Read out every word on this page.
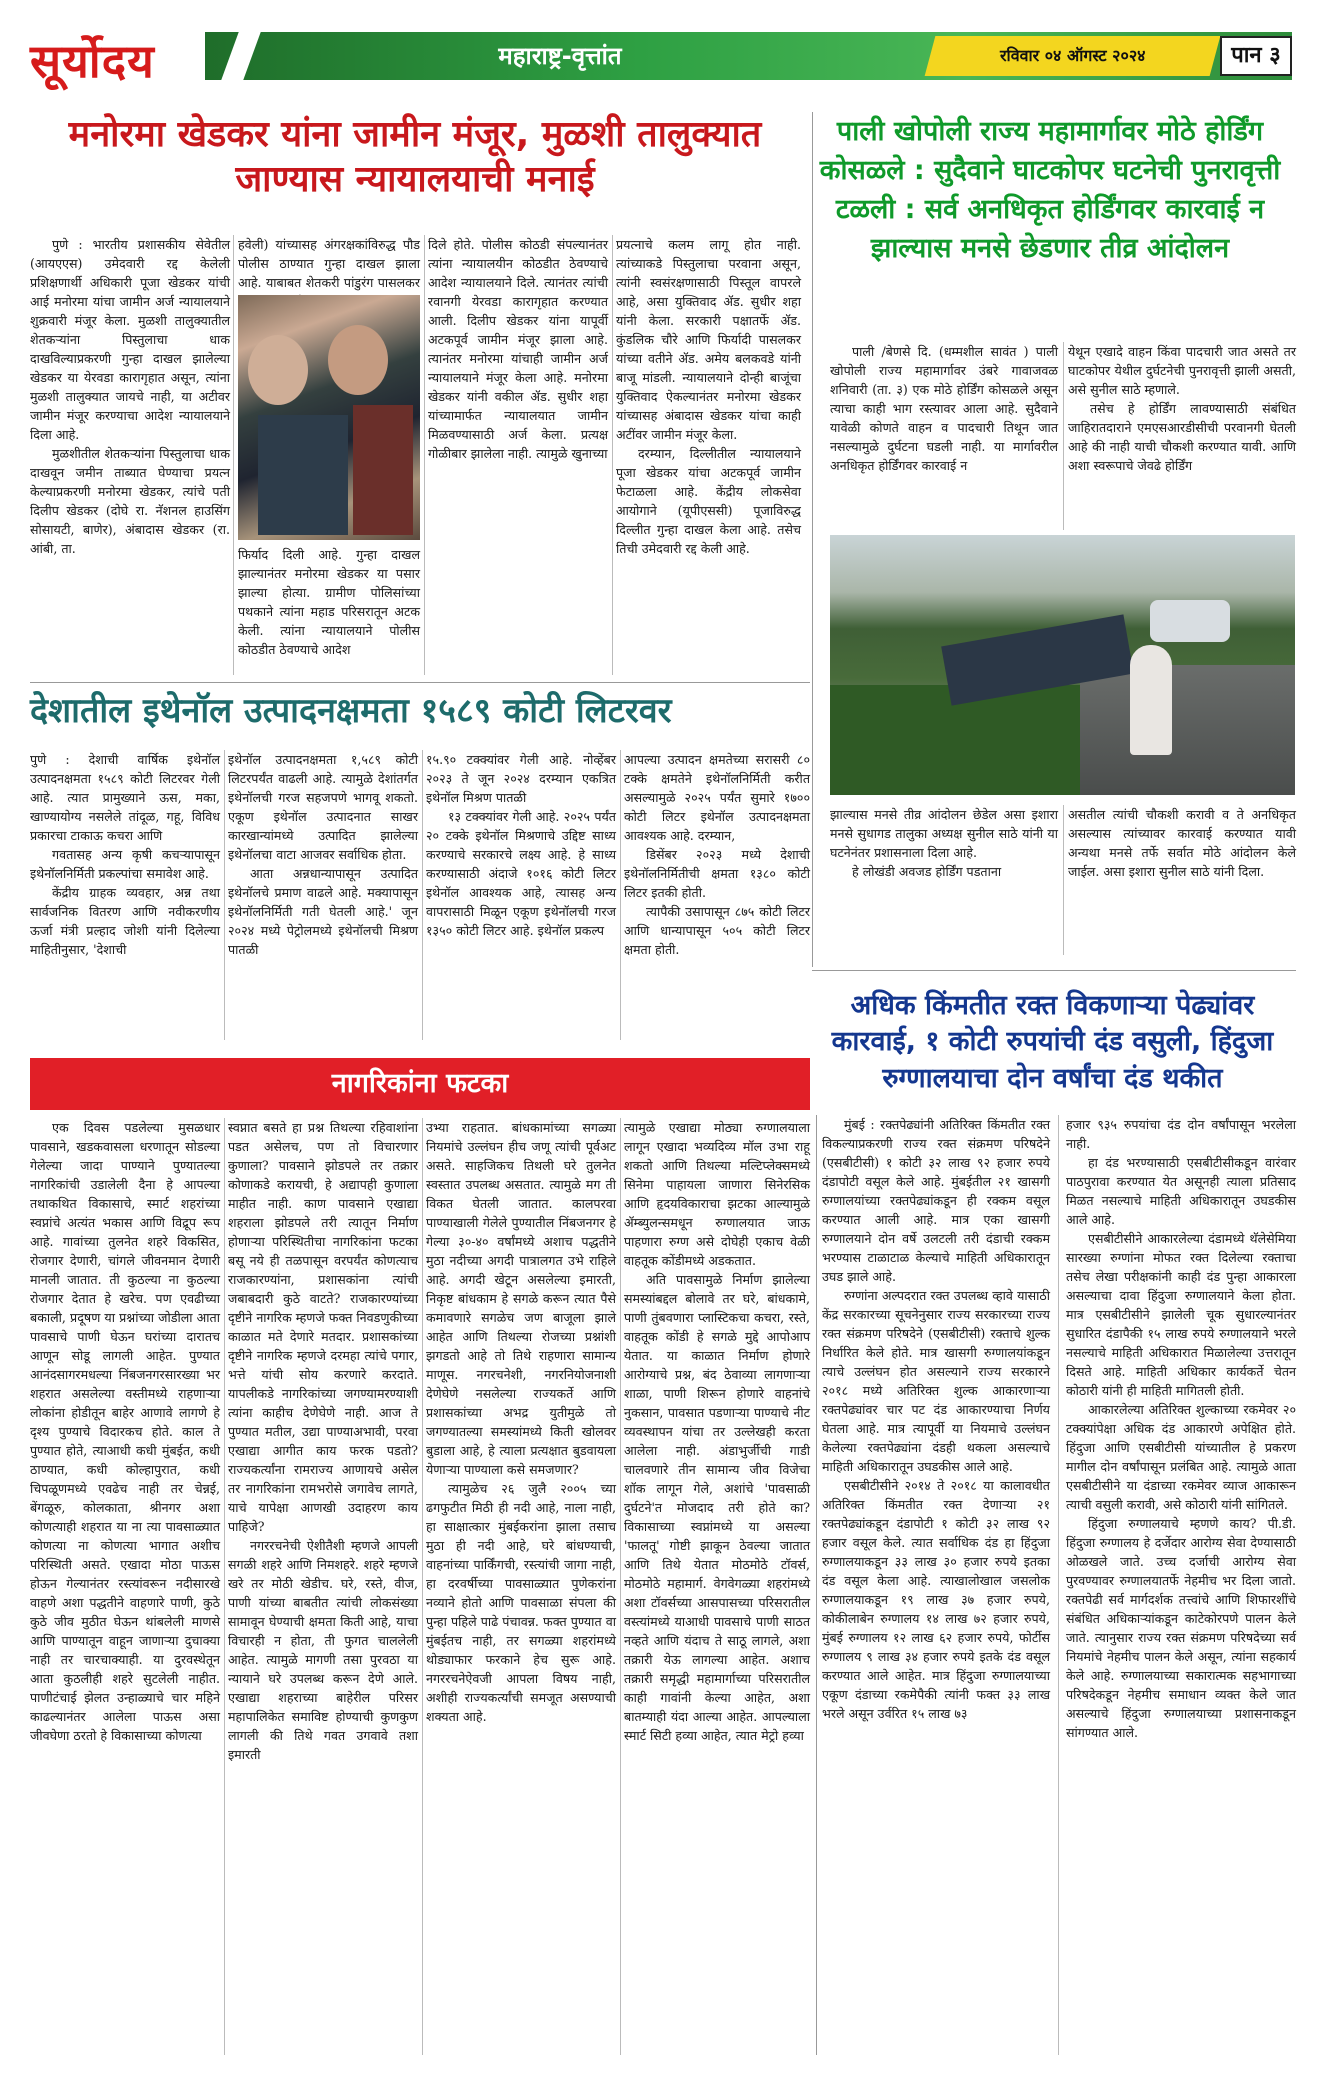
सूर्योदय	महाराष्ट्र-वृत्तांत	रविवार ०४ ऑगस्ट २०२४	पान ३
मनोरमा खेडकर यांना जामीन मंजूर, मुळशी तालुक्यात जाण्यास न्यायालयाची मनाई

पुणे : भारतीय प्रशासकीय सेवेतील (आयएएस) उमेदवारी रद्द केलेली प्रशिक्षणार्थी अधिकारी पूजा खेडकर यांची आई मनोरमा यांचा जामीन अर्ज न्यायालयाने शुक्रवारी मंजूर केला. मुळशी तालुक्यातील शेतकऱ्यांना पिस्तुलाचा धाक दाखविल्याप्रकरणी गुन्हा दाखल झालेल्या खेडकर या येरवडा कारागृहात असून, त्यांना मुळशी तालुक्यात जायचे नाही, या अटीवर जामीन मंजूर करण्याचा आदेश न्यायालयाने दिला आहे.

मुळशीतील शेतकऱ्यांना पिस्तुलाचा धाक दाखवून जमीन ताब्यात घेण्याचा प्रयत्न केल्याप्रकरणी मनोरमा खेडकर, त्यांचे पती दिलीप खेडकर (दोघे रा. नॅशनल हाउसिंग सोसायटी, बाणेर), अंबादास खेडकर (रा. आंबी, ता.

हवेली) यांच्यासह अंगरक्षकांविरुद्ध पौड पोलीस ठाण्यात गुन्हा दाखल झाला आहे. याबाबत शेतकरी पांडुरंग पासलकर

फिर्याद दिली आहे. गुन्हा दाखल झाल्यानंतर मनोरमा खेडकर या पसार झाल्या होत्या. ग्रामीण पोलिसांच्या पथकाने त्यांना महाड परिसरातून अटक केली. त्यांना न्यायालयाने पोलीस कोठडीत ठेवण्याचे आदेश

दिले होते. पोलीस कोठडी संपल्यानंतर त्यांना न्यायालयीन कोठडीत ठेवण्याचे आदेश न्यायालयाने दिले. त्यानंतर त्यांची रवानगी येरवडा कारागृहात करण्यात आली. दिलीप खेडकर यांना यापूर्वी अटकपूर्व जामीन मंजूर झाला आहे. त्यानंतर मनोरमा यांचाही जामीन अर्ज न्यायालयाने मंजूर केला आहे. मनोरमा खेडकर यांनी वकील ॲड. सुधीर शहा यांच्यामार्फत न्यायालयात जामीन मिळवण्यासाठी अर्ज केला. प्रत्यक्ष गोळीबार झालेला नाही. त्यामुळे खुनाच्या

प्रयत्नाचे कलम लागू होत नाही. त्यांच्याकडे पिस्तुलाचा परवाना असून, त्यांनी स्वसंरक्षणासाठी पिस्तूल वापरले आहे, असा युक्तिवाद ॲड. सुधीर शहा यांनी केला. सरकारी पक्षातर्फे ॲड. कुंडलिक चौरे आणि फिर्यादी पासलकर यांच्या वतीने ॲड. अमेय बलकवडे यांनी बाजू मांडली. न्यायालयाने दोन्ही बाजूंचा युक्तिवाद ऐकल्यानंतर मनोरमा खेडकर यांच्यासह अंबादास खेडकर यांचा काही अटींवर जामीन मंजूर केला.

दरम्यान, दिल्लीतील न्यायालयाने पूजा खेडकर यांचा अटकपूर्व जामीन फेटाळला आहे. केंद्रीय लोकसेवा आयोगाने (यूपीएससी) पूजाविरुद्ध दिल्लीत गुन्हा दाखल केला आहे. तसेच तिची उमेदवारी रद्द केली आहे.

पाली खोपोली राज्य महामार्गावर मोठे होर्डिंग कोसळले : सुदैवाने घाटकोपर घटनेची पुनरावृत्ती टळली : सर्व अनधिकृत होर्डिंगवर कारवाई न झाल्यास मनसे छेडणार तीव्र आंदोलन

पाली /बेणसे दि. (धम्मशील सावंत ) पाली खोपोली राज्य महामार्गावर उंबरे गावाजवळ शनिवारी (ता. ३) एक मोठे होर्डिंग कोसळले असून त्याचा काही भाग रस्त्यावर आला आहे. सुदैवाने यावेळी कोणते वाहन व पादचारी तिथून जात नसल्यामुळे दुर्घटना घडली नाही. या मार्गावरील अनधिकृत होर्डिंगवर कारवाई न

येथून एखादे वाहन किंवा पादचारी जात असते तर घाटकोपर येथील दुर्घटनेची पुनरावृत्ती झाली असती, असे सुनील साठे म्हणाले.

तसेच हे होर्डिंग लावण्यासाठी संबंधित जाहिरातदाराने एमएसआरडीसीची परवानगी घेतली आहे की नाही याची चौकशी करण्यात यावी. आणि अशा स्वरूपाचे जेवढे होर्डिंग

झाल्यास मनसे तीव्र आंदोलन छेडेल असा इशारा मनसे सुधागड तालुका अध्यक्ष सुनील साठे यांनी या घटनेनंतर प्रशासनाला दिला आहे.

हे लोखंडी अवजड होर्डिंग पडताना

असतील त्यांची चौकशी करावी व ते अनधिकृत असल्यास त्यांच्यावर कारवाई करण्यात यावी अन्यथा मनसे तर्फे सर्वात मोठे आंदोलन केले जाईल. असा इशारा सुनील साठे यांनी दिला.

देशातील इथेनॉल उत्पादनक्षमता १५८९ कोटी लिटरवर

पुणे : देशाची वार्षिक इथेनॉल उत्पादनक्षमता १५८९ कोटी लिटरवर गेली आहे. त्यात प्रामुख्याने ऊस, मका, खाण्यायोग्य नसलेले तांदूळ, गहू, विविध प्रकारचा टाकाऊ कचरा आणि

गवतासह अन्य कृषी कचऱ्यापासून इथेनॉलनिर्मिती प्रकल्पांचा समावेश आहे.

केंद्रीय ग्राहक व्यवहार, अन्न तथा सार्वजनिक वितरण आणि नवीकरणीय ऊर्जा मंत्री प्रल्हाद जोशी यांनी दिलेल्या माहितीनुसार, 'देशाची

इथेनॉल उत्पादनक्षमता १,५८९ कोटी लिटरपर्यंत वाढली आहे. त्यामुळे देशांतर्गत इथेनॉलची गरज सहजपणे भागवू शकतो. एकूण इथेनॉल उत्पादनात साखर कारखान्यांमध्ये उत्पादित झालेल्या इथेनॉलचा वाटा आजवर सर्वाधिक होता.

आता अन्नधान्यापासून उत्पादित इथेनॉलचे प्रमाण वाढले आहे. मक्यापासून इथेनॉलनिर्मिती गती घेतली आहे.' जून २०२४ मध्ये पेट्रोलमध्ये इथेनॉलची मिश्रण पातळी

१५.९० टक्क्यांवर गेली आहे. नोव्हेंबर २०२३ ते जून २०२४ दरम्यान एकत्रित इथेनॉल मिश्रण पातळी

१३ टक्क्यांवर गेली आहे. २०२५ पर्यंत २० टक्के इथेनॉल मिश्रणाचे उद्दिष्ट साध्य करण्याचे सरकारचे लक्ष्य आहे. हे साध्य करण्यासाठी अंदाजे १०१६ कोटी लिटर इथेनॉल आवश्यक आहे, त्यासह अन्य वापरासाठी मिळून एकूण इथेनॉलची गरज १३५० कोटी लिटर आहे. इथेनॉल प्रकल्प

आपल्या उत्पादन क्षमतेच्या सरासरी ८० टक्के क्षमतेने इथेनॉलनिर्मिती करीत असल्यामुळे २०२५ पर्यंत सुमारे १७०० कोटी लिटर इथेनॉल उत्पादनक्षमता आवश्यक आहे. दरम्यान,

डिसेंबर २०२३ मध्ये देशाची इथेनॉलनिर्मितीची क्षमता १३८० कोटी लिटर इतकी होती.

त्यापैकी उसापासून ८७५ कोटी लिटर आणि धान्यापासून ५०५ कोटी लिटर क्षमता होती.

अधिक किंमतीत रक्त विकणाऱ्या पेढ्यांवर कारवाई, १ कोटी रुपयांची दंड वसुली, हिंदुजा रुग्णालयाचा दोन वर्षांचा दंड थकीत

मुंबई : रक्तपेढ्यांनी अतिरिक्त किंमतीत रक्त विकल्याप्रकरणी राज्य रक्त संक्रमण परिषदेने (एसबीटीसी) १ कोटी ३२ लाख ९२ हजार रुपये दंडापोटी वसूल केले आहे. मुंबईतील २१ खासगी रुग्णालयांच्या रक्तपेढ्यांकडून ही रक्कम वसूल करण्यात आली आहे. मात्र एका खासगी रुग्णालयाने दोन वर्षे उलटली तरी दंडाची रक्कम भरण्यास टाळाटाळ केल्याचे माहिती अधिकारातून उघड झाले आहे.

रुग्णांना अल्पदरात रक्त उपलब्ध व्हावे यासाठी केंद्र सरकारच्या सूचनेनुसार राज्य सरकारच्या राज्य रक्त संक्रमण परिषदेने (एसबीटीसी) रक्ताचे शुल्क निर्धारित केले होते. मात्र खासगी रुग्णालयांकडून त्याचे उल्लंघन होत असल्याने राज्य सरकारने २०१८ मध्ये अतिरिक्त शुल्क आकारणाऱ्या रक्तपेढ्यांवर चार पट दंड आकारण्याचा निर्णय घेतला आहे. मात्र त्यापूर्वी या नियमाचे उल्लंघन केलेल्या रक्तपेढ्यांना दंडही थकला असल्याचे माहिती अधिकारातून उघडकीस आले आहे.

एसबीटीसीने २०१४ ते २०१८ या कालावधीत अतिरिक्त किंमतीत रक्त देणाऱ्या २१ रक्तपेढ्यांकडून दंडापोटी १ कोटी ३२ लाख ९२ हजार वसूल केले. त्यात सर्वाधिक दंड हा हिंदुजा रुग्णालयाकडून ३३ लाख ३० हजार रुपये इतका दंड वसूल केला आहे. त्याखालोखाल जसलोक रुग्णालयाकडून १९ लाख ३७ हजार रुपये, कोकीलाबेन रुग्णालय १४ लाख ७२ हजार रुपये, मुंबई रुग्णालय १२ लाख ६२ हजार रुपये, फोर्टीस रुग्णालय ९ लाख ३४ हजार रुपये इतके दंड वसूल करण्यात आले आहेत. मात्र हिंदुजा रुग्णालयाच्या एकूण दंडाच्या रकमेपैकी त्यांनी फक्त ३३ लाख भरले असून उर्वरित १५ लाख ७३

हजार ९३५ रुपयांचा दंड दोन वर्षांपासून भरलेला नाही.

हा दंड भरण्यासाठी एसबीटीसीकडून वारंवार पाठपुरावा करण्यात येत असूनही त्याला प्रतिसाद मिळत नसल्याचे माहिती अधिकारातून उघडकीस आले आहे.

एसबीटीसीने आकारलेल्या दंडामध्ये थॅलेसेमिया सारख्या रुग्णांना मोफत रक्त दिलेल्या रक्ताचा तसेच लेखा परीक्षकांनी काही दंड पुन्हा आकारला असल्याचा दावा हिंदुजा रुग्णालयाने केला होता. मात्र एसबीटीसीने झालेली चूक सुधारल्यानंतर सुधारित दंडापैकी १५ लाख रुपये रुग्णालयाने भरले नसल्याचे माहिती अधिकारात मिळालेल्या उत्तरातून दिसते आहे. माहिती अधिकार कार्यकर्ते चेतन कोठारी यांनी ही माहिती मागितली होती.

आकारलेल्या अतिरिक्त शुल्काच्या रकमेवर २० टक्क्यांपेक्षा अधिक दंड आकारणे अपेक्षित होते. हिंदुजा आणि एसबीटीसी यांच्यातील हे प्रकरण मागील दोन वर्षांपासून प्रलंबित आहे. त्यामुळे आता एसबीटीसीने या दंडाच्या रकमेवर व्याज आकारून त्याची वसुली करावी, असे कोठारी यांनी सांगितले.

हिंदुजा रुग्णालयाचे म्हणणे काय? पी.डी. हिंदुजा रुग्णालय हे दर्जेदार आरोग्य सेवा देण्यासाठी ओळखले जाते. उच्च दर्जाची आरोग्य सेवा पुरवण्यावर रुग्णालयातर्फे नेहमीच भर दिला जातो. रक्तपेढी सर्व मार्गदर्शक तत्त्वांचे आणि शिफारशींचे संबंधित अधिकाऱ्यांकडून काटेकोरपणे पालन केले जाते. त्यानुसार राज्य रक्त संक्रमण परिषदेच्या सर्व नियमांचे नेहमीच पालन केले असून, त्यांना सहकार्य केले आहे. रुग्णालयाच्या सकारात्मक सहभागाच्या परिषदेकडून नेहमीच समाधान व्यक्त केले जात असल्याचे हिंदुजा रुग्णालयाच्या प्रशासनाकडून सांगण्यात आले.

नागरिकांना फटका

एक दिवस पडलेल्या मुसळधार पावसाने, खडकवासला धरणातून सोडल्या गेलेल्या जादा पाण्याने पुण्यातल्या नागरिकांची उडालेली दैना हे आपल्या तथाकथित विकासाचे, स्मार्ट शहरांच्या स्वप्नांचे अत्यंत भकास आणि विद्रूप रूप आहे. गावांच्या तुलनेत शहरे विकसित, रोजगार देणारी, चांगले जीवनमान देणारी मानली जातात. ती कुठल्या ना कुठल्या रोजगार देतात हे खरेच. पण एवढीच्या बकाली, प्रदूषण या प्रश्नांच्या जोडीला आता पावसाचे पाणी घेऊन घरांच्या दारातच आणून सोडू लागली आहेत. पुण्यात आनंदसागरमधल्या निंबजनगरसारख्या भर शहरात असलेल्या वस्तीमध्ये राहणाऱ्या लोकांना होडीतून बाहेर आणावे लागणे हे दृश्य पुण्याचे विदारकच होते. काल ते पुण्यात होते, त्याआधी कधी मुंबईत, कधी ठाण्यात, कधी कोल्हापुरात, कधी चिपळूणमध्ये एवढेच नाही तर चेन्नई, बेंगळूरु, कोलकाता, श्रीनगर अशा कोणत्याही शहरात या ना त्या पावसाळ्यात कोणत्या ना कोणत्या भागात अशीच परिस्थिती असते. एखादा मोठा पाऊस होऊन गेल्यानंतर रस्त्यांवरून नदीसारखे वाहणे अशा पद्धतीने वाहणारे पाणी, कुठे कुठे जीव मुठीत घेऊन थांबलेली माणसे आणि पाण्यातून वाहून जाणाऱ्या दुचाक्या नाही तर चारचाक्याही. या दुरवस्थेतून आता कुठलीही शहरे सुटलेली नाहीत. पाणीटंचाई झेलत उन्हाळ्याचे चार महिने काढल्यानंतर आलेला पाऊस असा जीवघेणा ठरतो हे विकासाच्या कोणत्या

स्वप्नात बसते हा प्रश्न तिथल्या रहिवाशांना पडत असेलच, पण तो विचारणार कुणाला? पावसाने झोडपले तर तक्रार कोणाकडे करायची, हे अद्यापही कुणाला माहीत नाही. काण पावसाने एखाद्या शहराला झोडपले तरी त्यातून निर्माण होणाऱ्या परिस्थितीचा नागरिकांना फटका बसू नये ही तळपासून वरपर्यंत कोणत्याच राजकारण्यांना, प्रशासकांना त्यांची जबाबदारी कुठे वाटते? राजकारण्यांच्या दृष्टीने नागरिक म्हणजे फक्त निवडणुकीच्या काळात मते देणारे मतदार. प्रशासकांच्या दृष्टीने नागरिक म्हणजे दरमहा त्यांचे पगार, भत्ते यांची सोय करणारे करदाते. यापलीकडे नागरिकांच्या जगण्यामरण्याशी त्यांना काहीच देणेघेणे नाही. आज ते पुण्यात मतील, उद्या पाण्याअभावी, परवा एखाद्या आगीत काय फरक पडतो? राज्यकर्त्यांना रामराज्य आणायचे असेल तर नागरिकांना रामभरोसे जगावेच लागते, याचे यापेक्षा आणखी उदाहरण काय पाहिजे?

नगररचनेची ऐशीतैशी म्हणजे आपली सगळी शहरे आणि निमशहरे. शहरे म्हणजे खरे तर मोठी खेडीच. घरे, रस्ते, वीज, पाणी यांच्या बाबतीत त्यांची लोकसंख्या सामावून घेण्याची क्षमता किती आहे, याचा विचारही न होता, ती फुगत चाललेली आहेत. त्यामुळे मागणी तसा पुरवठा या न्यायाने घरे उपलब्ध करून देणे आले. एखाद्या शहराच्या बाहेरील परिसर महापालिकेत समाविष्ट होण्याची कुणकुण लागली की तिथे गवत उगवावे तशा इमारती

उभ्या राहतात. बांधकामांच्या सगळ्या नियमांचे उल्लंघन हीच जणू त्यांची पूर्वअट असते. साहजिकच तिथली घरे तुलनेत स्वस्तात उपलब्ध असतात. त्यामुळे मग ती विकत घेतली जातात. कालपरवा पाण्याखाली गेलेले पुण्यातील निंबजनगर हे गेल्या ३०-४० वर्षांमध्ये अशाच पद्धतीने मुठा नदीच्या अगदी पात्रालगत उभे राहिले आहे. अगदी खेटून असलेल्या इमारती, निकृष्ट बांधकाम हे सगळे करून त्यात पैसे कमावणारे सगळेच जण बाजूला झाले आहेत आणि तिथल्या रोजच्या प्रश्नांशी झगडतो आहे तो तिथे राहणारा सामान्य माणूस. नगरचनेशी, नगरनियोजनाशी देणेघेणे नसलेल्या राज्यकर्ते आणि प्रशासकांच्या अभद्र युतीमुळे तो जगण्यातल्या समस्यांमध्ये किती खोलवर बुडाला आहे, हे त्याला प्रत्यक्षात बुडवायला येणाऱ्या पाण्याला कसे समजणार?

त्यामुळेच २६ जुलै २००५ च्या ढगफुटीत मिठी ही नदी आहे, नाला नाही, हा साक्षात्कार मुंबईकरांना झाला तसाच मुठा ही नदी आहे, घरे बांधण्याची, वाहनांच्या पार्किंगची, रस्त्यांची जागा नाही, हा दरवर्षीच्या पावसाळ्यात पुणेकरांना नव्याने होतो आणि पावसाळा संपला की पुन्हा पहिले पाढे पंचावन्न. फक्त पुण्यात वा मुंबईतच नाही, तर सगळ्या शहरांमध्ये थोड्याफार फरकाने हेच सुरू आहे. नगररचनेऐवजी आपला विषय नाही, अशीही राज्यकर्त्यांची समजूत असण्याची शक्यता आहे.

त्यामुळे एखाद्या मोठ्या रुग्णालयाला लागून एखादा भव्यदिव्य मॉल उभा राहू शकतो आणि तिथल्या मल्टिप्लेक्समध्ये सिनेमा पाहायला जाणारा सिनेरसिक आणि हृदयविकाराचा झटका आल्यामुळे ॲम्ब्युलन्समधून रुग्णालयात जाऊ पाहणारा रुग्ण असे दोघेही एकाच वेळी वाहतूक कोंडीमध्ये अडकतात.

अति पावसामुळे निर्माण झालेल्या समस्यांबद्दल बोलावे तर घरे, बांधकामे, पाणी तुंबवणारा प्लास्टिकचा कचरा, रस्ते, वाहतूक कोंडी हे सगळे मुद्दे आपोआप येतात. या काळात निर्माण होणारे आरोग्याचे प्रश्न, बंद ठेवाव्या लागणाऱ्या शाळा, पाणी शिरून होणारे वाहनांचे नुकसान, पावसात पडणाऱ्या पाण्याचे नीट व्यवस्थापन यांचा तर उल्लेखही करता आलेला नाही. अंडाभुर्जीची गाडी चालवणारे तीन सामान्य जीव विजेचा शॉक लागून गेले, अशांचे 'पावसाळी दुर्घटने'त मोजदाद तरी होते का? विकासाच्या स्वप्नांमध्ये या असल्या 'फालतू' गोष्टी झाकून ठेवल्या जातात आणि तिथे येतात मोठमोठे टॉवर्स, मोठमोठे महामार्ग. वेगवेगळ्या शहरांमध्ये अशा टॉवर्सच्या आसपासच्या परिसरातील वस्त्यांमध्ये याआधी पावसाचे पाणी साठत नव्हते आणि यंदाच ते साठू लागले, अशा तक्रारी येऊ लागल्या आहेत. अशाच तक्रारी समृद्धी महामार्गाच्या परिसरातील काही गावांनी केल्या आहेत, अशा बातम्याही यंदा आल्या आहेत. आपल्याला स्मार्ट सिटी हव्या आहेत, त्यात मेट्रो हव्या
